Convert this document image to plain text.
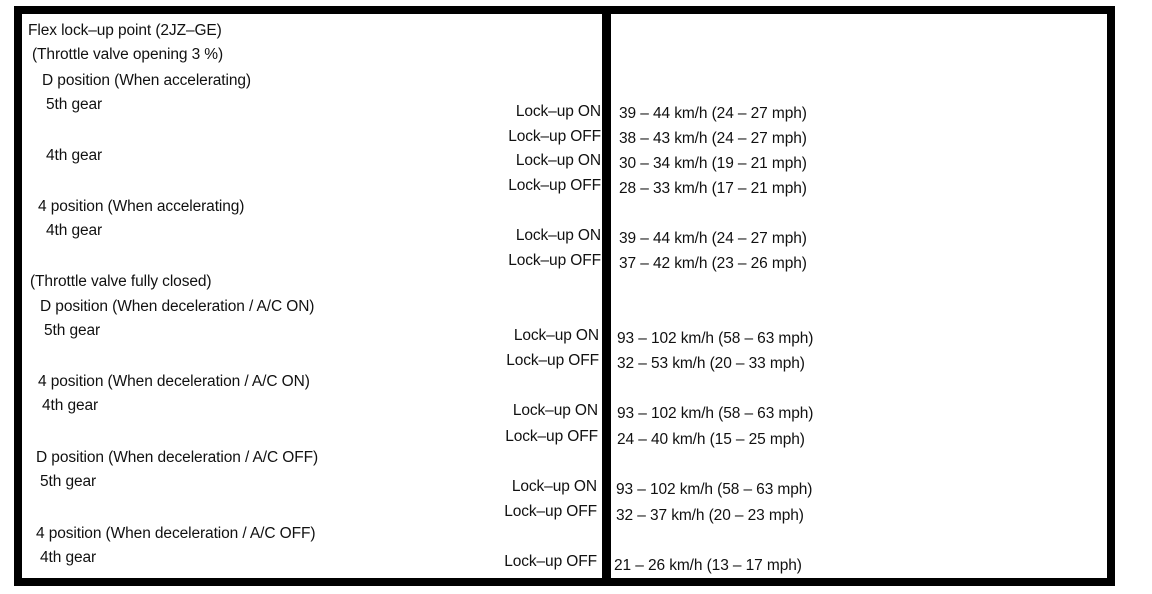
Flex lock–up point (2JZ–GE)
(Throttle valve opening 3 %)
D position (When accelerating)
5th gear	Lock–up ON 39 – 44 km/h (24 – 27 mph)
Lock–up OFF 38 – 43 km/h (24 – 27 mph)
4th gear	Lock–up ON 30 – 34 km/h (19 – 21 mph)
Lock–up OFF 28 – 33 km/h (17 – 21 mph)
4 position (When accelerating)
4th gear	Lock–up ON 39 – 44 km/h (24 – 27 mph)
Lock–up OFF 37 – 42 km/h (23 – 26 mph)
(Throttle valve fully closed)
D position (When deceleration / A/C ON)
5th gear	Lock–up ON 93 – 102 km/h (58 – 63 mph)
Lock–up OFF 32 – 53 km/h (20 – 33 mph)
4 position (When deceleration / A/C ON)
4th gear	Lock–up ON 93 – 102 km/h (58 – 63 mph)
Lock–up OFF 24 – 40 km/h (15 – 25 mph)
D position (When deceleration / A/C OFF)
5th gear	Lock–up ON 93 – 102 km/h (58 – 63 mph)
Lock–up OFF 32 – 37 km/h (20 – 23 mph)
4 position (When deceleration / A/C OFF)
4th gear	Lock–up OFF 21 – 26 km/h (13 – 17 mph)
